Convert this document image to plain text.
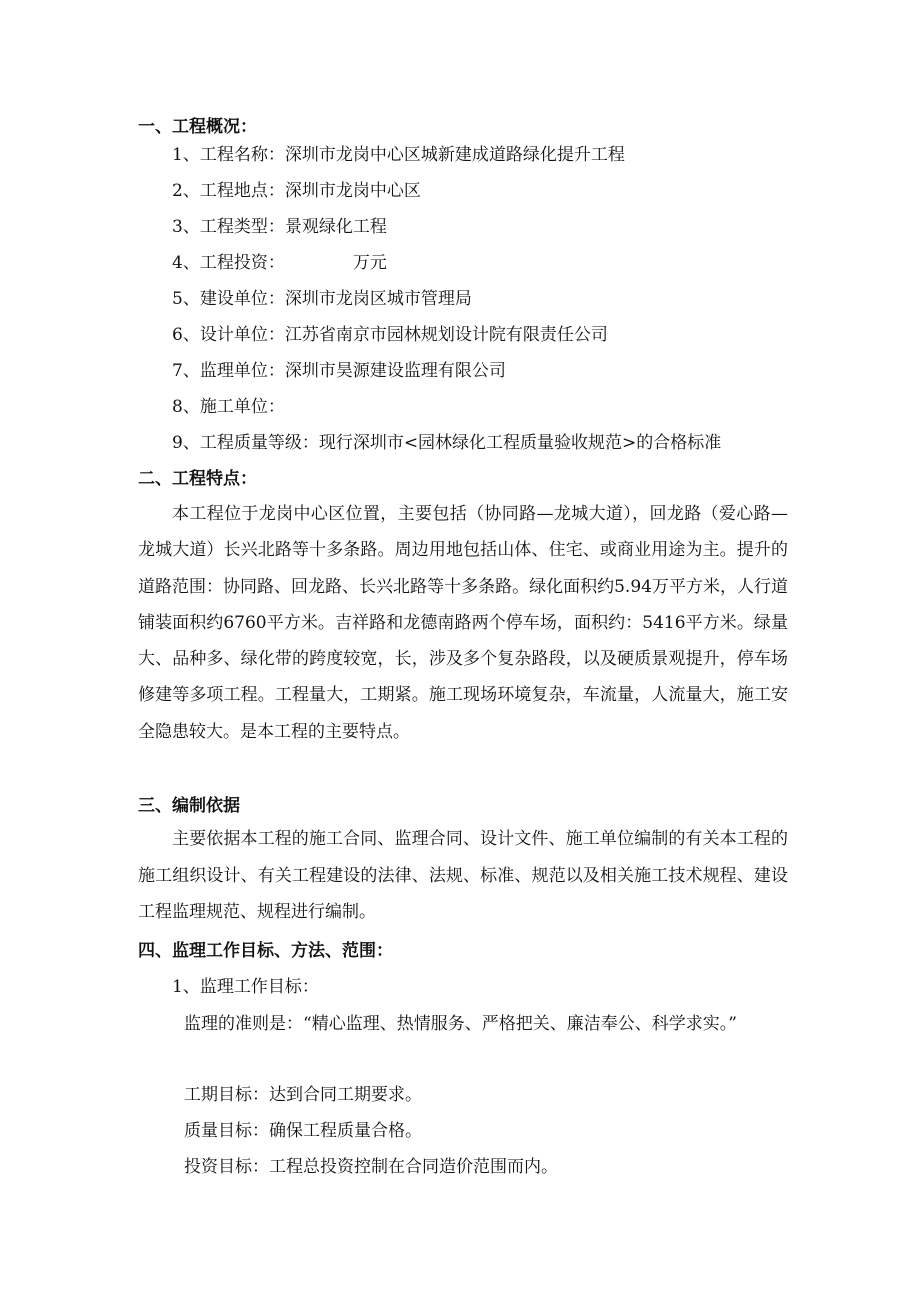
一、工程概况：
1、工程名称：深圳市龙岗中心区城新建成道路绿化提升工程
2、工程地点：深圳市龙岗中心区
3、工程类型：景观绿化工程
4、工程投资：	万元
5、建设单位：深圳市龙岗区城市管理局
6、设计单位：江苏省南京市园林规划设计院有限责任公司
7、监理单位：深圳市昊源建设监理有限公司
8、施工单位：
9、工程质量等级：现行深圳市<园林绿化工程质量验收规范>的合格标准
二、工程特点：
本工程位于龙岗中心区位置，主要包括（协同路—龙城大道），回龙路（爱心路—龙城大道）长兴北路等十多条路。周边用地包括山体、住宅、或商业用途为主。提升的道路范围：协同路、回龙路、长兴北路等十多条路。绿化面积约5.94万平方米，人行道铺装面积约6760平方米。吉祥路和龙德南路两个停车场，面积约：5416平方米。绿量大、品种多、绿化带的跨度较宽，长，涉及多个复杂路段，以及硬质景观提升，停车场修建等多项工程。工程量大，工期紧。施工现场环境复杂，车流量，人流量大，施工安全隐患较大。是本工程的主要特点。
三、编制依据
主要依据本工程的施工合同、监理合同、设计文件、施工单位编制的有关本工程的施工组织设计、有关工程建设的法律、法规、标准、规范以及相关施工技术规程、建设工程监理规范、规程进行编制。
四、监理工作目标、方法、范围：
1、监理工作目标：
监理的准则是：“精心监理、热情服务、严格把关、廉洁奉公、科学求实。”
工期目标：达到合同工期要求。
质量目标：确保工程质量合格。
投资目标：工程总投资控制在合同造价范围而内。
